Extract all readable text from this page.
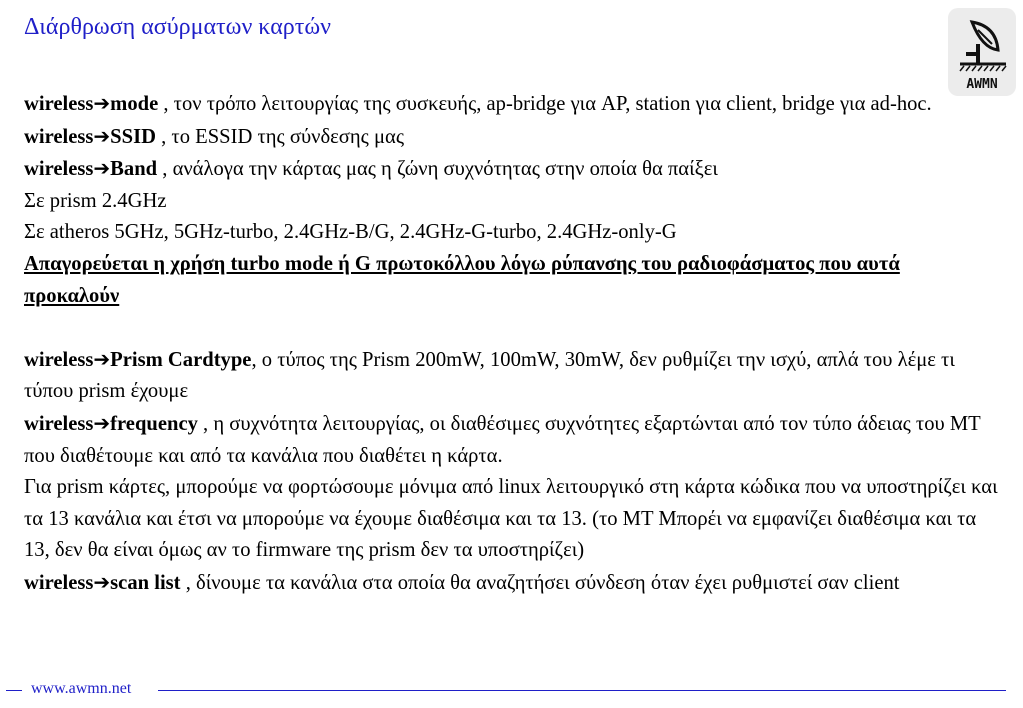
Διάρθρωση ασύρματων καρτών
AWMN

wireless➔mode , τον τρόπο λειτουργίας της συσκευής, ap-bridge για AP, station για client, bridge για ad-hoc.

wireless➔SSID , το ESSID της σύνδεσης μας

wireless➔Band , ανάλογα την κάρτας μας η ζώνη συχνότητας στην οποία θα παίξει

Σε prism 2.4GHz

Σε atheros 5GHz, 5GHz-turbo, 2.4GHz-B/G, 2.4GHz-G-turbo, 2.4GHz-only-G

Απαγορεύεται η χρήση turbo mode ή G πρωτοκόλλου λόγω ρύπανσης του ραδιοφάσματος που αυτά προκαλούν

wireless➔Prism Cardtype, ο τύπος της Prism 200mW, 100mW, 30mW, δεν ρυθμίζει την ισχύ, απλά του λέμε τι τύπου prism έχουμε

wireless➔frequency , η συχνότητα λειτουργίας, οι διαθέσιμες συχνότητες εξαρτώνται από τον τύπο άδειας του MT που διαθέτουμε και από τα κανάλια που διαθέτει η κάρτα.

Για prism κάρτες, μπορούμε να φορτώσουμε μόνιμα από linux λειτουργικό στη κάρτα κώδικα που να υποστηρίζει και τα 13 κανάλια και έτσι να μπορούμε να έχουμε διαθέσιμα και τα 13. (το MT Μπορέι να εμφανίζει διαθέσιμα και τα 13, δεν θα είναι όμως αν το firmware της prism δεν τα υποστηρίζει)

wireless➔scan list , δίνουμε τα κανάλια στα οποία θα αναζητήσει σύνδεση όταν έχει ρυθμιστεί σαν client

www.awmn.net
